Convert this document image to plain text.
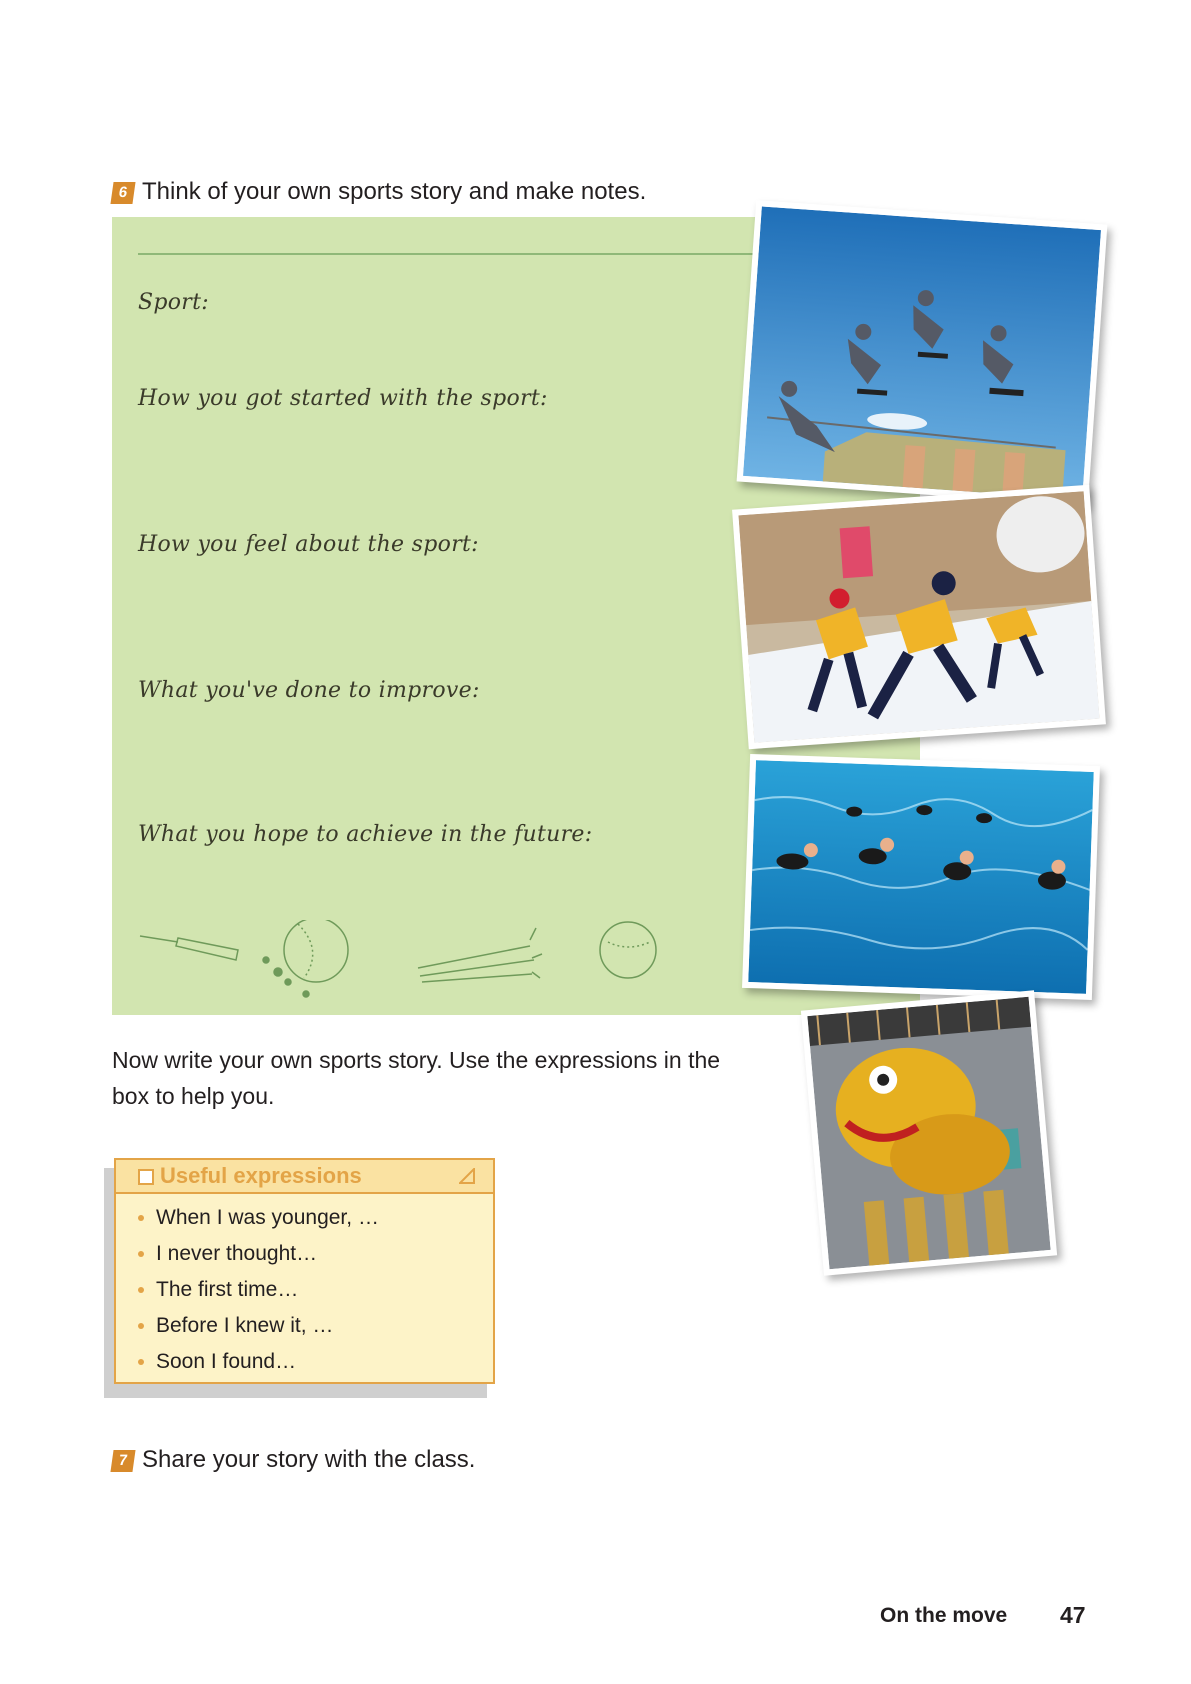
6 Think of your own sports story and make notes.
Sport:
How you got started with the sport:
How you feel about the sport:
What you've done to improve:
What you hope to achieve in the future:
Now write your own sports story. Use the expressions in the box to help you.
Useful expressions
When I was younger, …
I never thought…
The first time…
Before I knew it, …
Soon I found…
7 Share your story with the class.
On the move 47
